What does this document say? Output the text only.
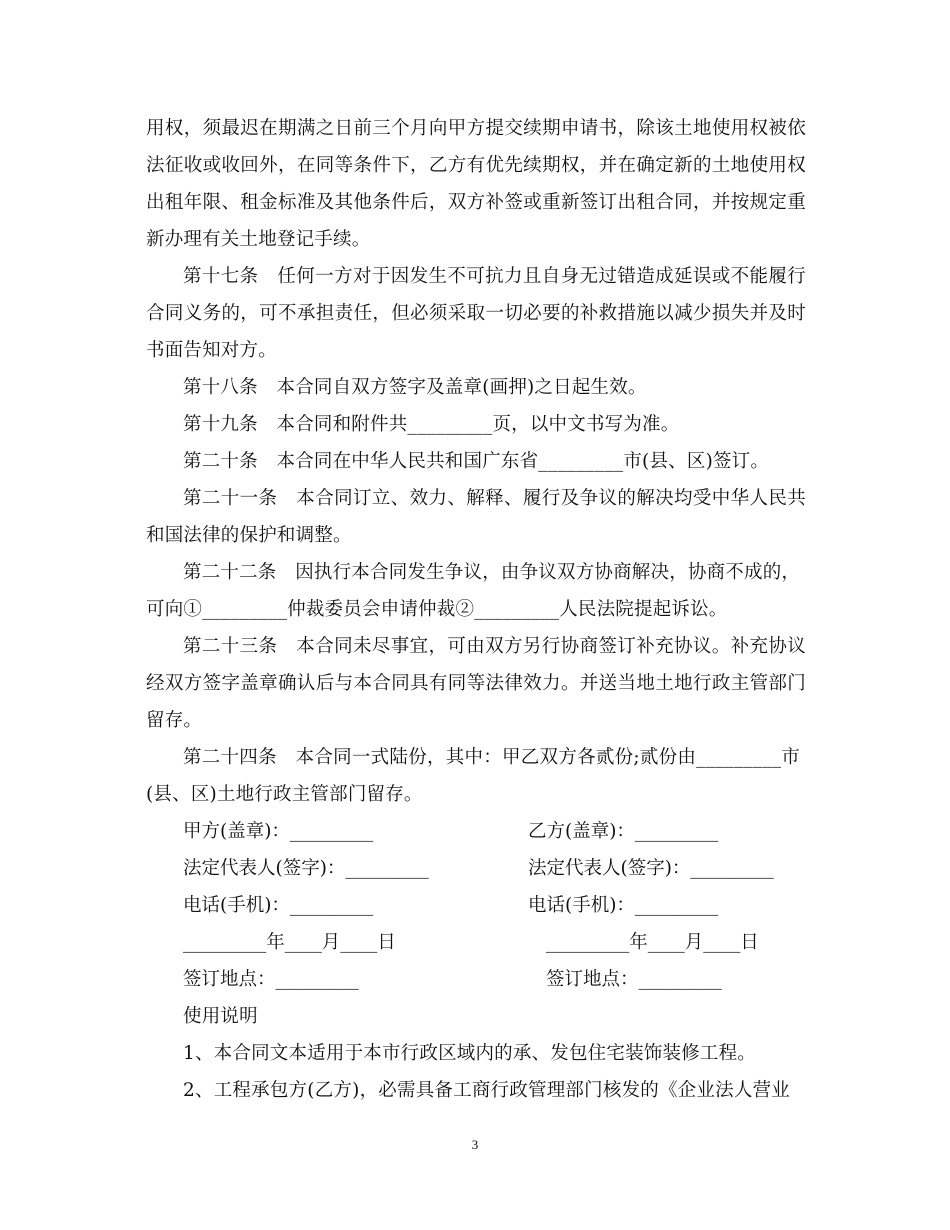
用权，须最迟在期满之日前三个月向甲方提交续期申请书，除该土地使用权被依
法征收或收回外，在同等条件下，乙方有优先续期权，并在确定新的土地使用权
出租年限、租金标准及其他条件后，双方补签或重新签订出租合同，并按规定重
新办理有关土地登记手续。
第十七条　任何一方对于因发生不可抗力且自身无过错造成延误或不能履行
合同义务的，可不承担责任，但必须采取一切必要的补救措施以减少损失并及时
书面告知对方。
第十八条　本合同自双方签字及盖章(画押)之日起生效。
第十九条　本合同和附件共_________页，以中文书写为准。
第二十条　本合同在中华人民共和国广东省_________市(县、区)签订。
第二十一条　本合同订立、效力、解释、履行及争议的解决均受中华人民共
和国法律的保护和调整。
第二十二条　因执行本合同发生争议，由争议双方协商解决，协商不成的，
可向①_________仲裁委员会申请仲裁②_________人民法院提起诉讼。
第二十三条　本合同未尽事宜，可由双方另行协商签订补充协议。补充协议
经双方签字盖章确认后与本合同具有同等法律效力。并送当地土地行政主管部门
留存。
第二十四条　本合同一式陆份，其中：甲乙双方各贰份;贰份由_________市
(县、区)土地行政主管部门留存。
甲方(盖章)：_________	乙方(盖章)：_________
法定代表人(签字)：_________	法定代表人(签字)：_________
电话(手机)：_________	电话(手机)：_________
_________年____月____日	_________年____月____日
签订地点：_________	签订地点：_________
使用说明
1、本合同文本适用于本市行政区域内的承、发包住宅装饰装修工程。
2、工程承包方(乙方)，必需具备工商行政管理部门核发的《企业法人营业
3
